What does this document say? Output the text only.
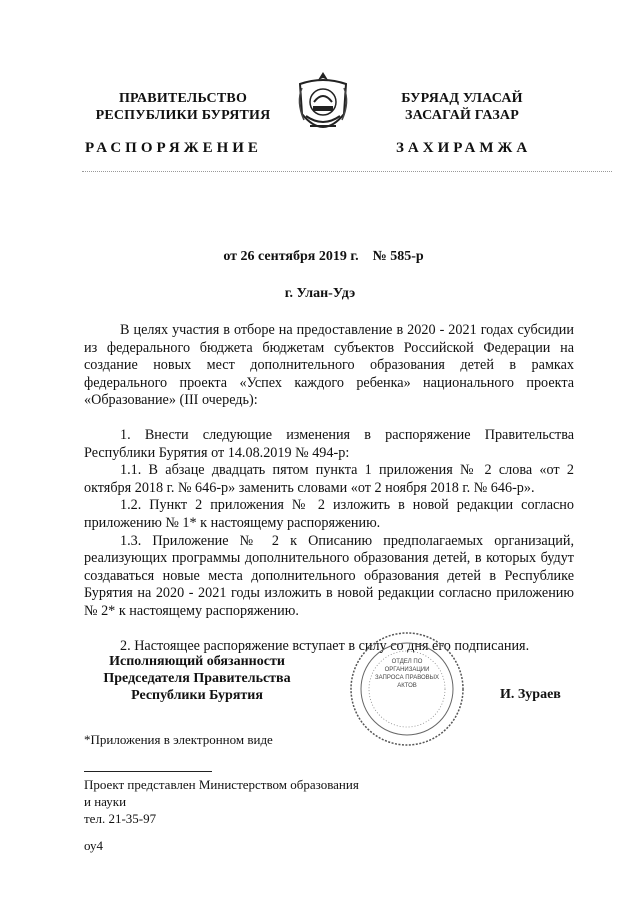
ПРАВИТЕЛЬСТВО
РЕСПУБЛИКИ БУРЯТИЯ
БУРЯАД УЛАСАЙ
ЗАСАГАЙ ГАЗАР
РАСПОРЯЖЕНИЕ	ЗАХИРАМЖА

от 26 сентября 2019 г.    № 585-р

г. Улан-Удэ

В целях участия в отборе на предоставление в 2020 - 2021 годах субсидии из федерального бюджета бюджетам субъектов Российской Федерации на создание новых мест дополнительного образования детей в рамках федерального проекта «Успех каждого ребенка» национального проекта «Образование» (III очередь):

1. Внести следующие изменения в распоряжение Правительства Республики Бурятия от 14.08.2019 № 494-р:

1.1. В абзаце двадцать пятом пункта 1 приложения № 2 слова «от 2 октября 2018 г. № 646-р» заменить словами «от 2 ноября 2018 г. № 646-р».

1.2. Пункт 2 приложения № 2 изложить в новой редакции согласно приложению № 1* к настоящему распоряжению.

1.3. Приложение № 2 к Описанию предполагаемых организаций, реализующих программы дополнительного образования детей, в которых будут создаваться новые места дополнительного образования детей в Республике Бурятия на 2020 - 2021 годы изложить в новой редакции согласно приложению № 2* к настоящему распоряжению.

2. Настоящее распоряжение вступает в силу со дня его подписания.

Исполняющий обязанности
Председателя Правительства
Республики Бурятия
ОТДЕЛ ПО ОРГАНИЗАЦИИ ЗАПРОСА ПРАВОВЫХ АКТОВ
И. Зураев
*Приложения в электронном виде
Проект представлен Министерством образования
и науки
тел. 21-35-97
оу4
